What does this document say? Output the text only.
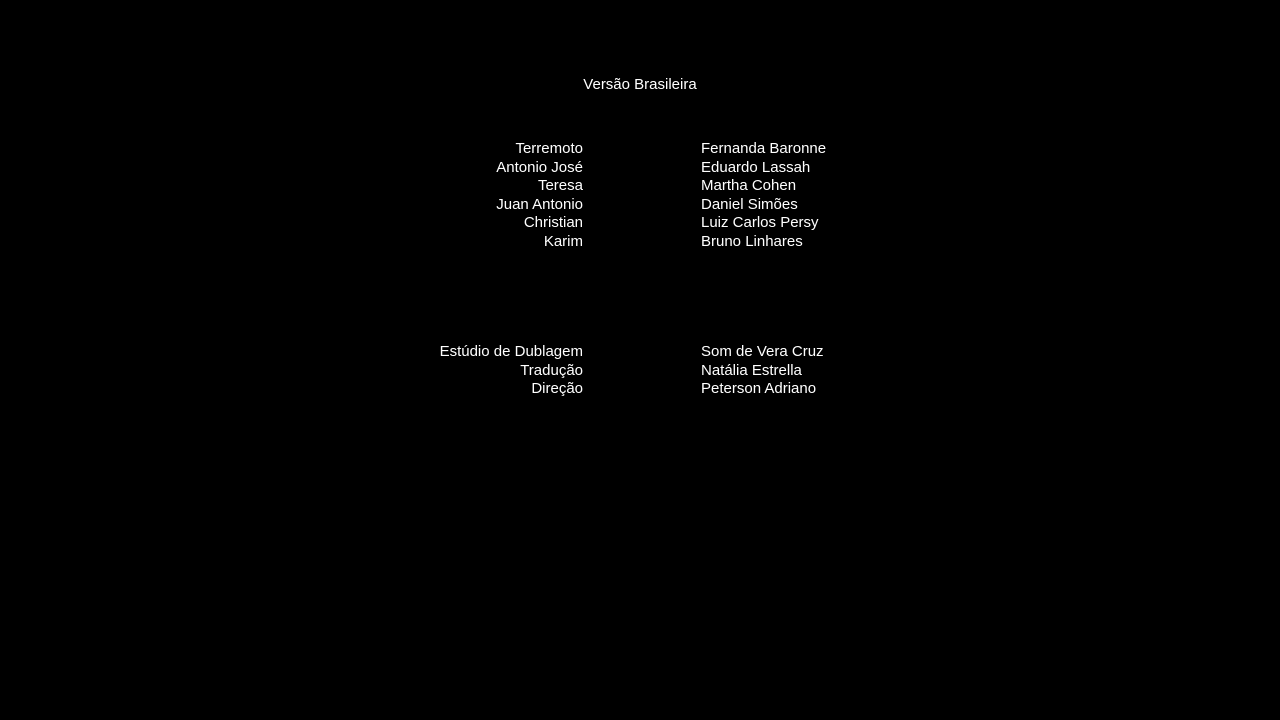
Versão Brasileira
Terremoto
Antonio José
Teresa
Juan Antonio
Christian
Karim
Fernanda Baronne
Eduardo Lassah
Martha Cohen
Daniel Simões
Luiz Carlos Persy
Bruno Linhares
Estúdio de Dublagem
Tradução
Direção
Som de Vera Cruz
Natália Estrella
Peterson Adriano
